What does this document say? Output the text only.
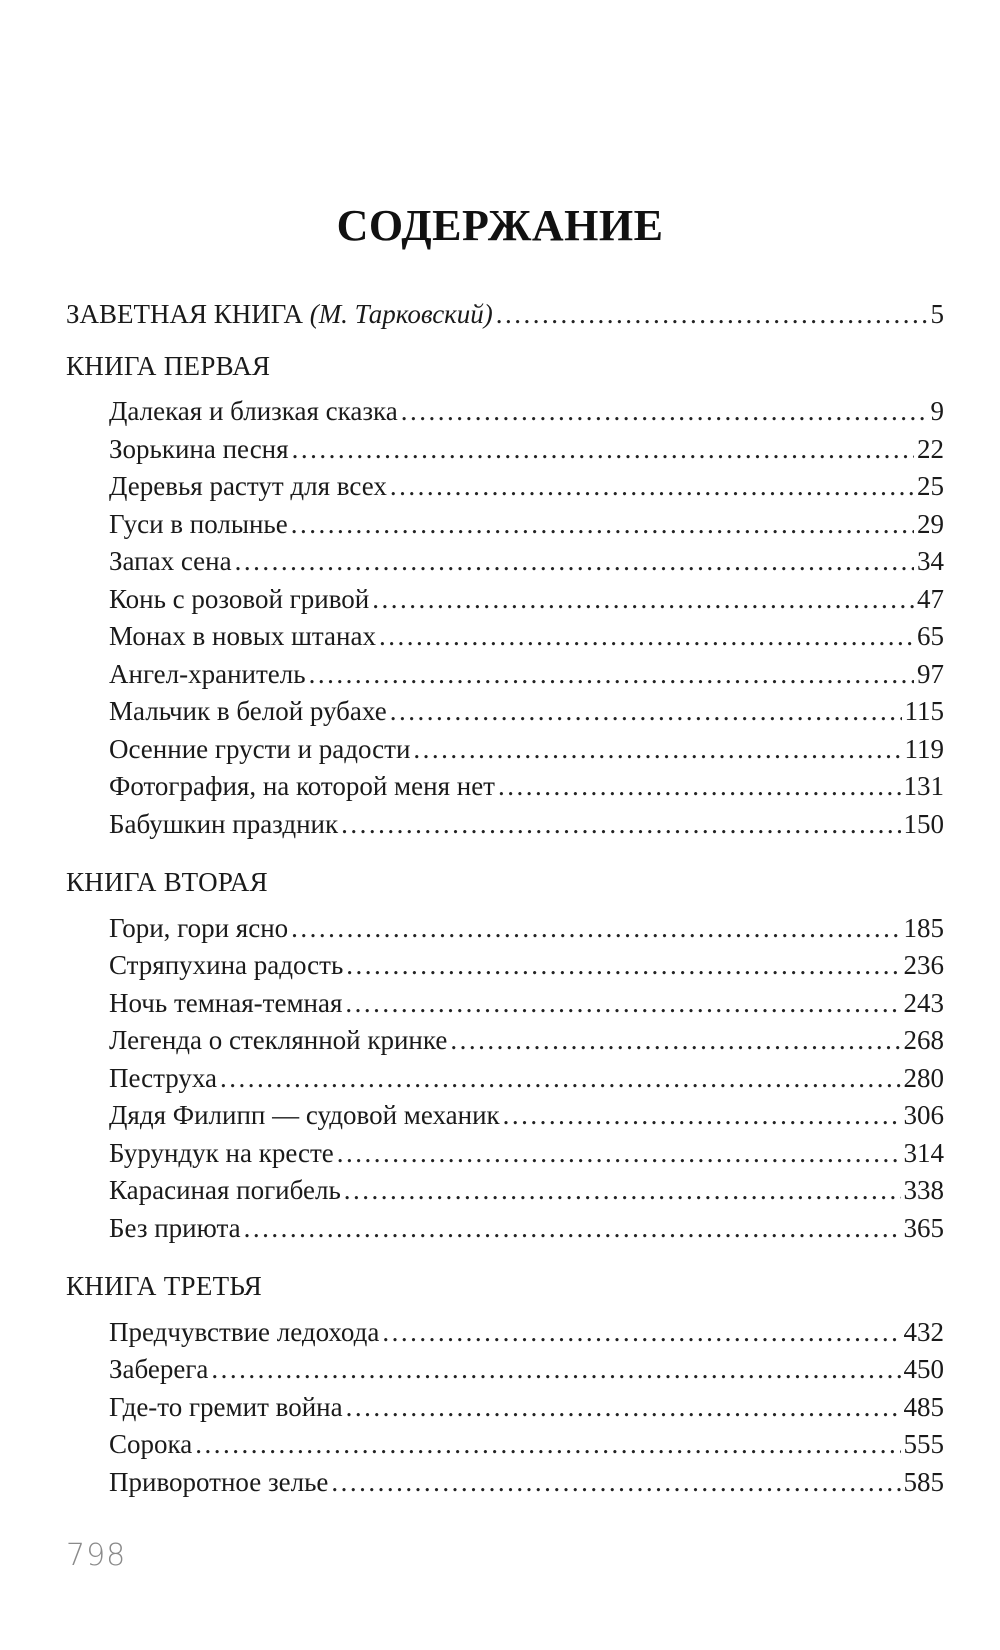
СОДЕРЖАНИЕ
ЗАВЕТНАЯ КНИГА (М. Тарковский) .....	5
КНИГА ПЕРВАЯ
Далекая и близкая сказка .....	9
Зорькина песня .....	22
Деревья растут для всех .....	25
Гуси в полынье .....	29
Запах сена .....	34
Конь с розовой гривой .....	47
Монах в новых штанах .....	65
Ангел-хранитель .....	97
Мальчик в белой рубахе .....	115
Осенние грусти и радости .....	119
Фотография, на которой меня нет .....	131
Бабушкин праздник .....	150
КНИГА ВТОРАЯ
Гори, гори ясно .....	185
Стряпухина радость .....	236
Ночь темная-темная .....	243
Легенда о стеклянной кринке .....	268
Пеструха .....	280
Дядя Филипп — судовой механик .....	306
Бурундук на кресте .....	314
Карасиная погибель .....	338
Без приюта .....	365
КНИГА ТРЕТЬЯ
Предчувствие ледохода .....	432
Заберега .....	450
Где-то гремит война .....	485
Сорока .....	555
Приворотное зелье .....	585
798
